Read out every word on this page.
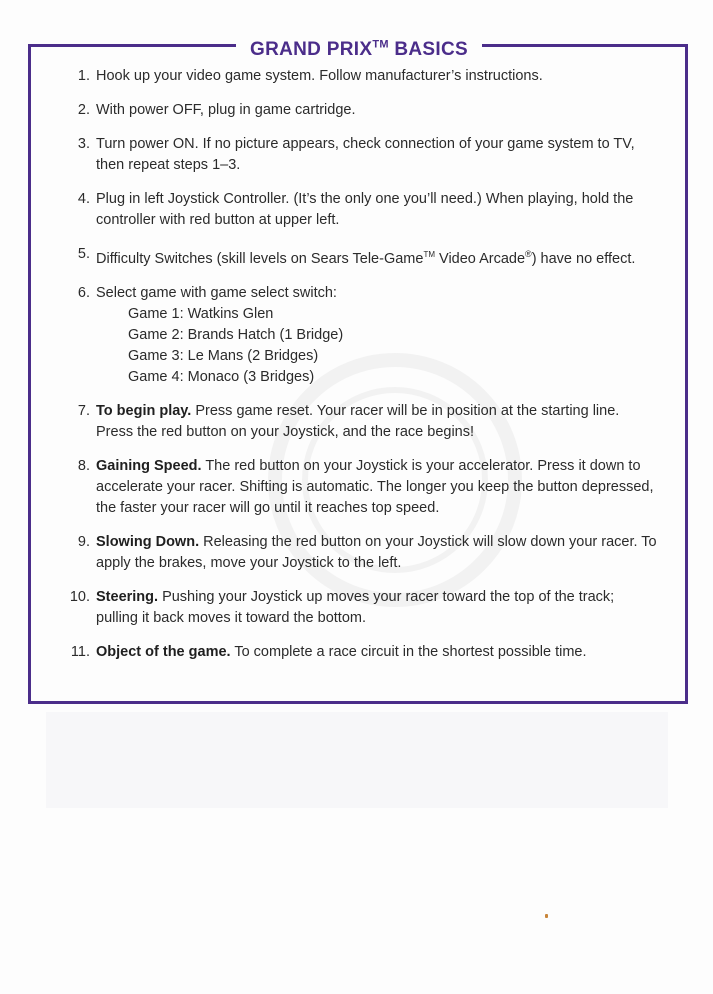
GRAND PRIX™ BASICS
1. Hook up your video game system. Follow manufacturer’s instructions.
2. With power OFF, plug in game cartridge.
3. Turn power ON. If no picture appears, check connection of your game system to TV, then repeat steps 1–3.
4. Plug in left Joystick Controller. (It’s the only one you’ll need.) When playing, hold the controller with red button at upper left.
5. Difficulty Switches (skill levels on Sears Tele-Game™ Video Arcade®) have no effect.
6. Select game with game select switch:
Game 1: Watkins Glen
Game 2: Brands Hatch (1 Bridge)
Game 3: Le Mans (2 Bridges)
Game 4: Monaco (3 Bridges)
7. To begin play. Press game reset. Your racer will be in position at the starting line. Press the red button on your Joystick, and the race begins!
8. Gaining Speed. The red button on your Joystick is your accelerator. Press it down to accelerate your racer. Shifting is automatic. The longer you keep the button depressed, the faster your racer will go until it reaches top speed.
9. Slowing Down. Releasing the red button on your Joystick will slow down your racer. To apply the brakes, move your Joystick to the left.
10. Steering. Pushing your Joystick up moves your racer toward the top of the track; pulling it back moves it toward the bottom.
11. Object of the game. To complete a race circuit in the shortest possible time.
